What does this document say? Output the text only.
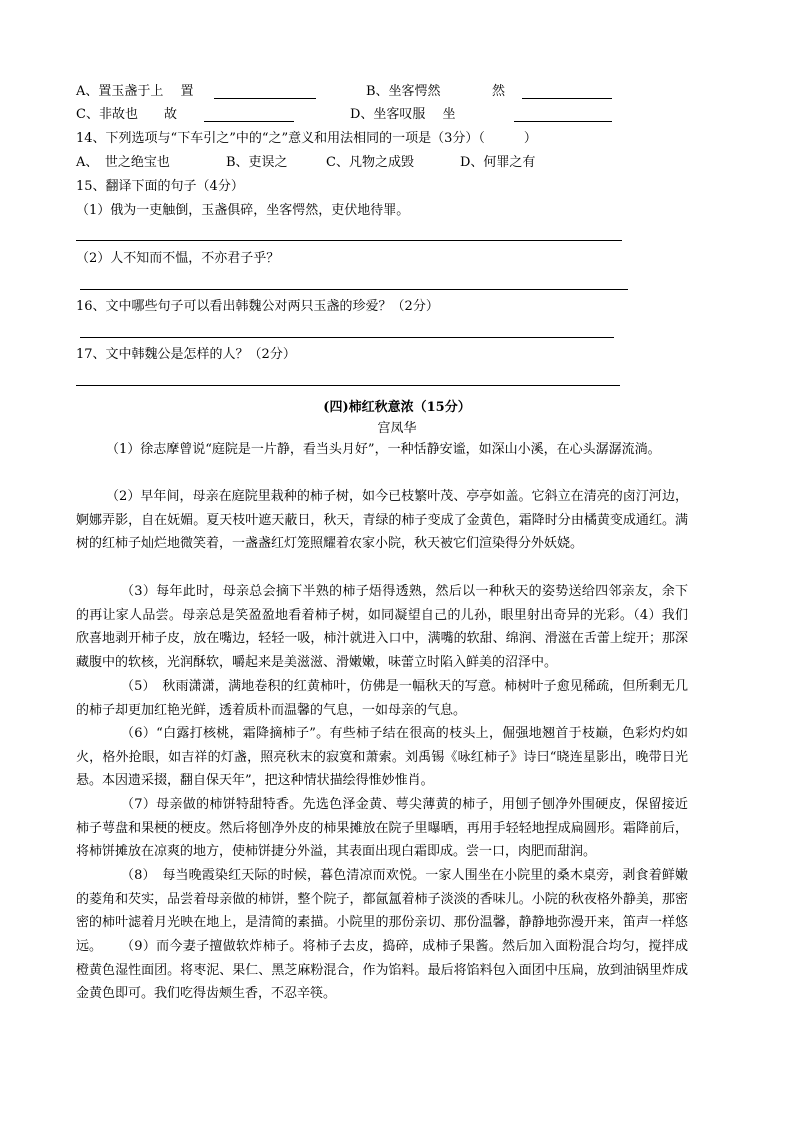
A、置玉盏于上　 置	B、坐客愕然	然
C、非故也　　故	D、坐客叹服　 坐
14、下列选项与“下车引之”中的“之”意义和用法相同的一项是（3分）（　　　）
A、　世之绝宝也	B、吏误之	C、凡物之成毁	D、何罪之有
15、翻译下面的句子（4分）
（1）俄为一吏触倒，玉盏俱碎，坐客愕然，吏伏地待罪。
（2）人不知而不愠，不亦君子乎？
16、文中哪些句子可以看出韩魏公对两只玉盏的珍爱？（2分）
17、文中韩魏公是怎样的人？（2分）
(四)柿红秋意浓（15分）
宫凤华
（1）徐志摩曾说“庭院是一片静，看当头月好”，一种恬静安谧，如深山小溪，在心头潺潺流淌。
（2）早年间，母亲在庭院里栽种的柿子树，如今已枝繁叶茂、亭亭如盖。它斜立在清亮的卤汀河边，婀娜弄影，自在妩媚。夏天枝叶遮天蔽日，秋天，青绿的柿子变成了金黄色，霜降时分由橘黄变成通红。满树的红柿子灿烂地微笑着，一盏盏红灯笼照耀着农家小院，秋天被它们渲染得分外妖娆。
（3）每年此时，母亲总会摘下半熟的柿子焐得透熟，然后以一种秋天的姿势送给四邻亲友，余下的再让家人品尝。母亲总是笑盈盈地看着柿子树，如同凝望自己的儿孙，眼里射出奇异的光彩。（4）我们欣喜地剥开柿子皮，放在嘴边，轻轻一吸，柿汁就进入口中，满嘴的软甜、绵润、滑滋在舌蕾上绽开；那深藏腹中的软核，光润酥软，嚼起来是美滋滋、滑嫩嫩，味蕾立时陷入鲜美的沼泽中。
（5）　秋雨潇潇，满地卷积的红黄柿叶，仿佛是一幅秋天的写意。柿树叶子愈见稀疏，但所剩无几的柿子却更加红艳光鲜，透着质朴而温馨的气息，一如母亲的气息。
（6）“白露打核桃，霜降摘柿子”。有些柿子结在很高的枝头上，倔强地翘首于枝巅，色彩灼灼如火，格外抢眼，如吉祥的灯盏，照亮秋末的寂寞和萧索。刘禹锡《咏红柿子》诗曰“晓连星影出，晚带日光悬。本因遗采掇，翻自保天年”，把这种情状描绘得惟妙惟肖。
（7）母亲做的柿饼特甜特香。先选色泽金黄、萼尖薄黄的柿子，用刨子刨净外围硬皮，保留接近柿子萼盘和果梗的梗皮。然后将刨净外皮的柿果摊放在院子里曝晒，再用手轻轻地捏成扁圆形。霜降前后，将柿饼摊放在凉爽的地方，使柿饼捷分外溢，其表面出现白霜即成。尝一口，肉肥而甜润。
（8）　每当晚霞染红天际的时候，暮色清凉而欢悦。一家人围坐在小院里的桑木桌旁，剥食着鲜嫩的菱角和芡实，品尝着母亲做的柿饼，整个院子，都氤氲着柿子淡淡的香味儿。小院的秋夜格外静美，那密密的柿叶滤着月光映在地上，是清简的素描。小院里的那份亲切、那份温馨，静静地弥漫开来，笛声一样悠远。	（9）而今妻子擅做软炸柿子。将柿子去皮，捣碎，成柿子果酱。然后加入面粉混合均匀，搅拌成橙黄色湿性面团。将枣泥、果仁、黑芝麻粉混合，作为馅料。最后将馅料包入面团中压扁，放到油锅里炸成金黄色即可。我们吃得齿颊生香，不忍辛筷。
